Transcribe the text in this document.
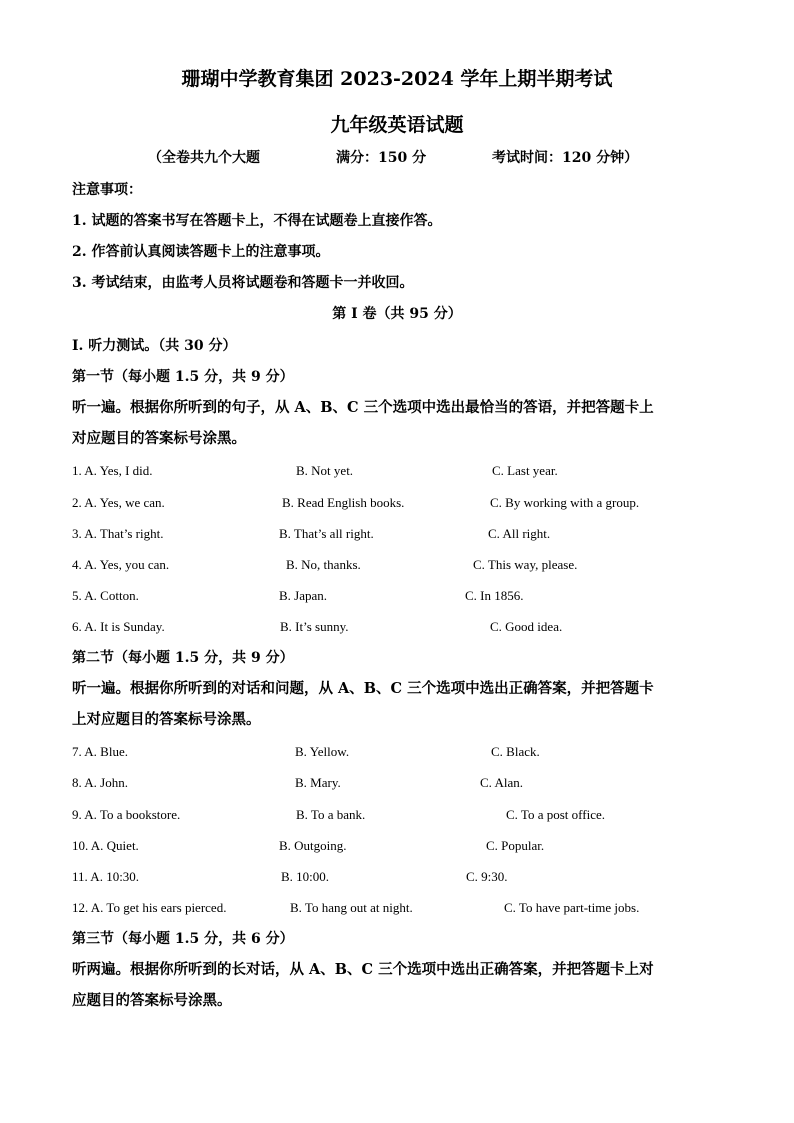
珊瑚中学教育集团 2023-2024 学年上期半期考试
九年级英语试题
（全卷共九个大题	满分：150 分	考试时间：120 分钟）
注意事项：
1. 试题的答案书写在答题卡上，不得在试题卷上直接作答。
2. 作答前认真阅读答题卡上的注意事项。
3. 考试结束，由监考人员将试题卷和答题卡一并收回。
第 I 卷（共 95 分）
I. 听力测试。（共 30 分）
第一节（每小题 1.5 分，共 9 分）
听一遍。根据你所听到的句子，从 A、B、C 三个选项中选出最恰当的答语，并把答题卡上
对应题目的答案标号涂黑。
1. A. Yes, I did.	B. Not yet.	C. Last year.
2. A. Yes, we can.	B. Read English books.	C. By working with a group.
3. A. That’s right.	B. That’s all right.	C. All right.
4. A. Yes, you can.	B. No, thanks.	C. This way, please.
5. A. Cotton.	B. Japan.	C. In 1856.
6. A. It is Sunday.	B. It’s sunny.	C. Good idea.
第二节（每小题 1.5 分，共 9 分）
听一遍。根据你所听到的对话和问题，从 A、B、C 三个选项中选出正确答案，并把答题卡
上对应题目的答案标号涂黑。
7. A. Blue.	B. Yellow.	C. Black.
8. A. John.	B. Mary.	C. Alan.
9. A. To a bookstore.	B. To a bank.	C. To a post office.
10. A. Quiet.	B. Outgoing.	C. Popular.
11. A. 10:30.	B. 10:00.	C. 9:30.
12. A. To get his ears pierced.	B. To hang out at night.	C. To have part-time jobs.
第三节（每小题 1.5 分，共 6 分）
听两遍。根据你所听到的长对话，从 A、B、C 三个选项中选出正确答案，并把答题卡上对
应题目的答案标号涂黑。
